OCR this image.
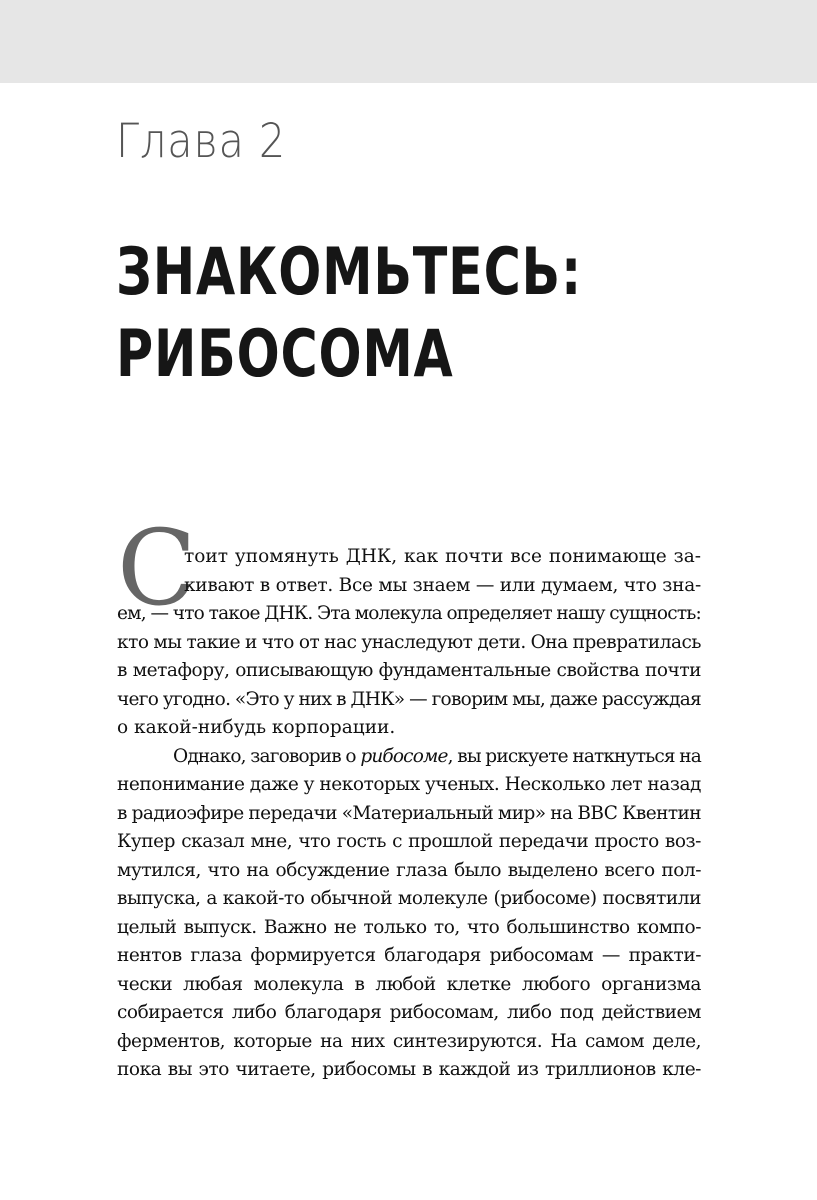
Глава 2
ЗНАКОМЬТЕСЬ:
РИБОСОМА
С
тоит упомянуть ДНК, как почти все понимающе за-
кивают в ответ. Все мы знаем — или думаем, что зна-
ем, — что такое ДНК. Эта молекула определяет нашу сущность:
кто мы такие и что от нас унаследуют дети. Она превратилась
в метафору, описывающую фундаментальные свойства почти
чего угодно. «Это у них в ДНК» — говорим мы, даже рассуждая
о какой-нибудь корпорации.
Однако, заговорив о рибосоме, вы рискуете наткнуться на
непонимание даже у некоторых ученых. Несколько лет назад
в радиоэфире передачи «Материальный мир» на BBC Квентин
Купер сказал мне, что гость с прошлой передачи просто воз-
мутился, что на обсуждение глаза было выделено всего пол-
выпуска, а какой-то обычной молекуле (рибосоме) посвятили
целый выпуск. Важно не только то, что большинство компо-
нентов глаза формируется благодаря рибосомам — практи-
чески любая молекула в любой клетке любого организма
собирается либо благодаря рибосомам, либо под действием
ферментов, которые на них синтезируются. На самом деле,
пока вы это читаете, рибосомы в каждой из триллионов кле-
